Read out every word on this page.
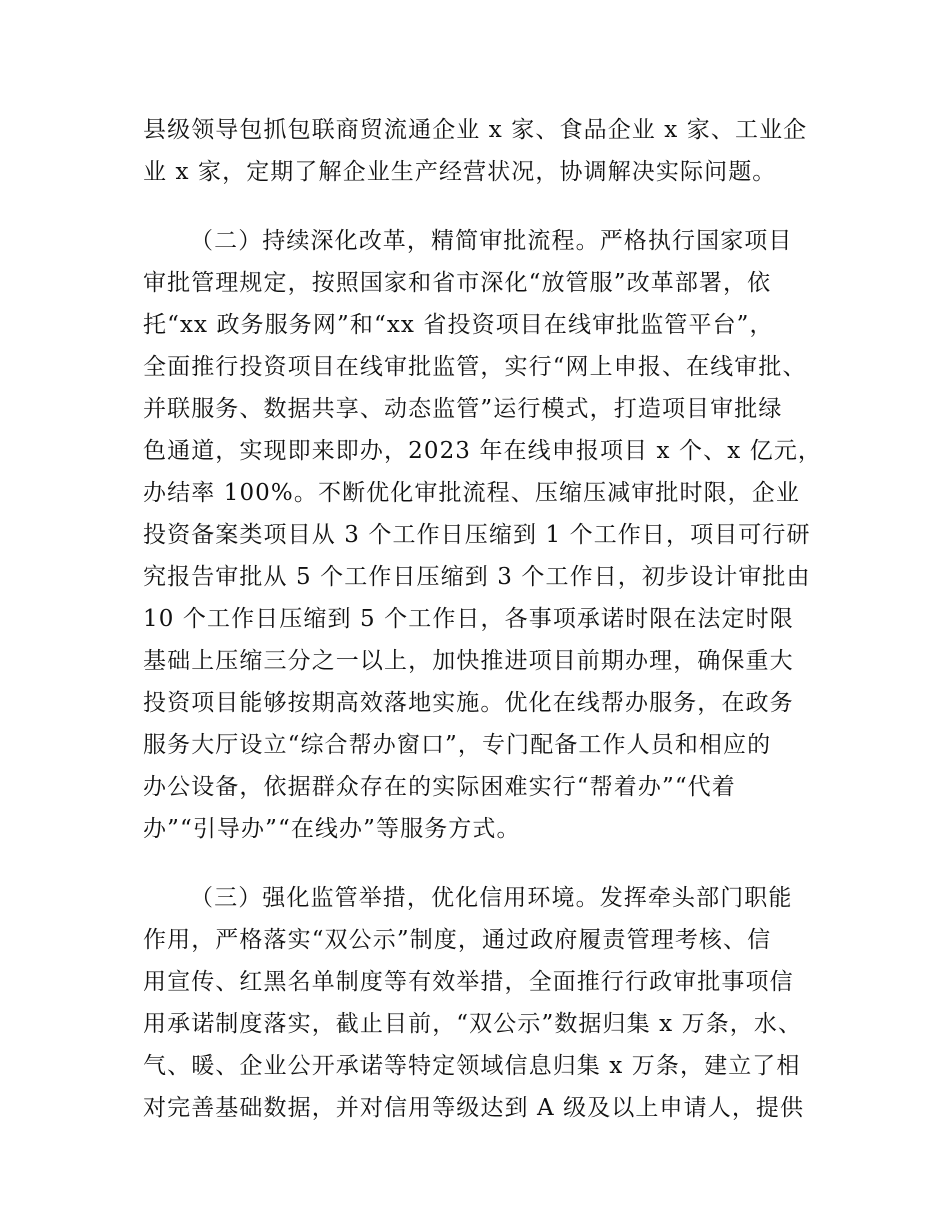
县级领导包抓包联商贸流通企业 x 家、食品企业 x 家、工业企

业 x 家，定期了解企业生产经营状况，协调解决实际问题。

（二）持续深化改革，精简审批流程。严格执行国家项目

审批管理规定，按照国家和省市深化“放管服”改革部署，依

托“xx 政务服务网”和“xx 省投资项目在线审批监管平台”，

全面推行投资项目在线审批监管，实行“网上申报、在线审批、

并联服务、数据共享、动态监管”运行模式，打造项目审批绿

色通道，实现即来即办，2023 年在线申报项目 x 个、x 亿元，

办结率 100%。不断优化审批流程、压缩压减审批时限，企业

投资备案类项目从 3 个工作日压缩到 1 个工作日，项目可行研

究报告审批从 5 个工作日压缩到 3 个工作日，初步设计审批由

10 个工作日压缩到 5 个工作日，各事项承诺时限在法定时限

基础上压缩三分之一以上，加快推进项目前期办理，确保重大

投资项目能够按期高效落地实施。优化在线帮办服务，在政务

服务大厅设立“综合帮办窗口”，专门配备工作人员和相应的

办公设备，依据群众存在的实际困难实行“帮着办”“代着

办”“引导办”“在线办”等服务方式。

（三）强化监管举措，优化信用环境。发挥牵头部门职能

作用，严格落实“双公示”制度，通过政府履责管理考核、信

用宣传、红黑名单制度等有效举措，全面推行行政审批事项信

用承诺制度落实，截止目前，“双公示”数据归集 x 万条，水、

气、暖、企业公开承诺等特定领域信息归集 x 万条，建立了相

对完善基础数据，并对信用等级达到 A 级及以上申请人，提供
